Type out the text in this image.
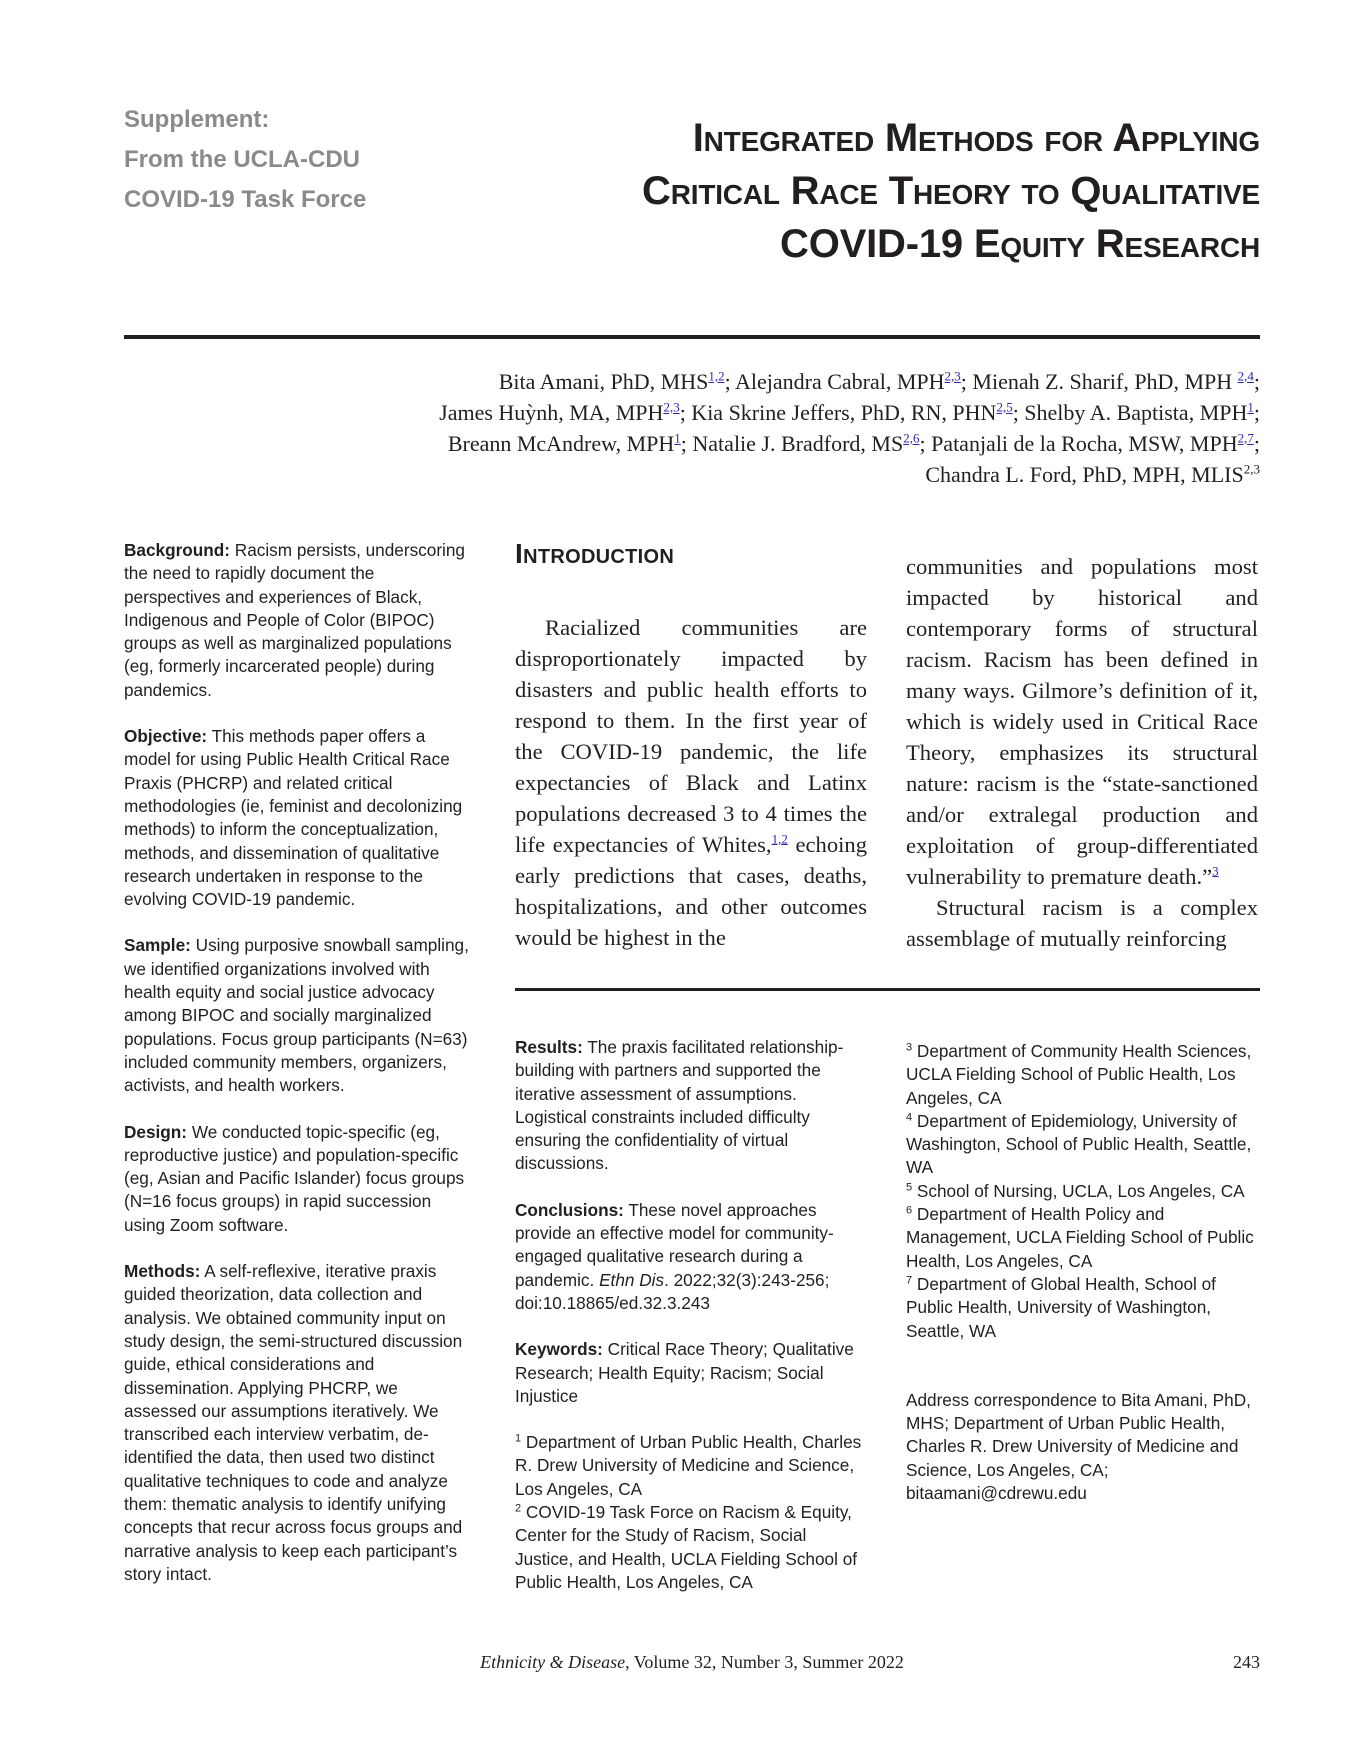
Supplement:
From the UCLA-CDU
COVID-19 Task Force
Integrated Methods for Applying
Critical Race Theory to Qualitative
COVID-19 Equity Research
Bita Amani, PhD, MHS$^{1,2}$; Alejandra Cabral, MPH$^{2,3}$; Mienah Z. Sharif, PhD, MPH $^{2,4}$;
James Huỳnh, MA, MPH$^{2,3}$; Kia Skrine Jeffers, PhD, RN, PHN$^{2,5}$; Shelby A. Baptista, MPH$^1$;
Breann McAndrew, MPH$^1$; Natalie J. Bradford, MS$^{2,6}$; Patanjali de la Rocha, MSW, MPH$^{2,7}$;
Chandra L. Ford, PhD, MPH, MLIS$^{2,3}$

Background: Racism persists, underscoring the need to rapidly document the perspectives and experiences of Black, Indigenous and People of Color (BIPOC) groups as well as marginalized populations (eg, formerly incarcerated people) during pandemics.

Objective: This methods paper offers a model for using Public Health Critical Race Praxis (PHCRP) and related critical methodologies (ie, feminist and decolonizing methods) to inform the conceptualization, methods, and dissemination of qualitative research undertaken in response to the evolving COVID-19 pandemic.

Sample: Using purposive snowball sampling, we identified organizations involved with health equity and social justice advocacy among BIPOC and socially marginalized populations. Focus group participants (N=63) included community members, organizers, activists, and health workers.

Design: We conducted topic-specific (eg, reproductive justice) and population-specific (eg, Asian and Pacific Islander) focus groups (N=16 focus groups) in rapid succession using Zoom software.

Methods: A self-reflexive, iterative praxis guided theorization, data collection and analysis. We obtained community input on study design, the semi-structured discussion guide, ethical considerations and dissemination. Applying PHCRP, we assessed our assumptions iteratively. We transcribed each interview verbatim, de-identified the data, then used two distinct qualitative techniques to code and analyze them: thematic analysis to identify unifying concepts that recur across focus groups and narrative analysis to keep each participant’s story intact.

Introduction
Racialized communities are disproportionately impacted by disasters and public health efforts to respond to them. In the first year of the COVID-19 pandemic, the life expectancies of Black and Latinx populations decreased 3 to 4 times the life expectancies of Whites,$^{1,2}$ echoing early predictions that cases, deaths, hospitalizations, and other outcomes would be highest in the
communities and populations most impacted by historical and contemporary forms of structural racism. Racism has been defined in many ways. Gilmore’s definition of it, which is widely used in Critical Race Theory, emphasizes its structural nature: racism is the “state-sanctioned and/or extralegal production and exploitation of group-differentiated vulnerability to premature death.”$^3$
Structural racism is a complex assemblage of mutually reinforcing
Results: The praxis facilitated relationship-building with partners and supported the iterative assessment of assumptions. Logistical constraints included difficulty ensuring the confidentiality of virtual discussions.
Conclusions: These novel approaches provide an effective model for community-engaged qualitative research during a pandemic. Ethn Dis. 2022;32(3):243-256; doi:10.18865/ed.32.3.243
Keywords: Critical Race Theory; Qualitative Research; Health Equity; Racism; Social Injustice

$^1$ Department of Urban Public Health, Charles R. Drew University of Medicine and Science, Los Angeles, CA

$^2$ COVID-19 Task Force on Racism & Equity, Center for the Study of Racism, Social Justice, and Health, UCLA Fielding School of Public Health, Los Angeles, CA

$^3$ Department of Community Health Sciences, UCLA Fielding School of Public Health, Los Angeles, CA

$^4$ Department of Epidemiology, University of Washington, School of Public Health, Seattle, WA

$^5$ School of Nursing, UCLA, Los Angeles, CA

$^6$ Department of Health Policy and Management, UCLA Fielding School of Public Health, Los Angeles, CA

$^7$ Department of Global Health, School of Public Health, University of Washington, Seattle, WA

Address correspondence to Bita Amani, PhD, MHS; Department of Urban Public Health, Charles R. Drew University of Medicine and Science, Los Angeles, CA; bitaamani@cdrewu.edu

Ethnicity & Disease, Volume 32, Number 3, Summer 2022	243
